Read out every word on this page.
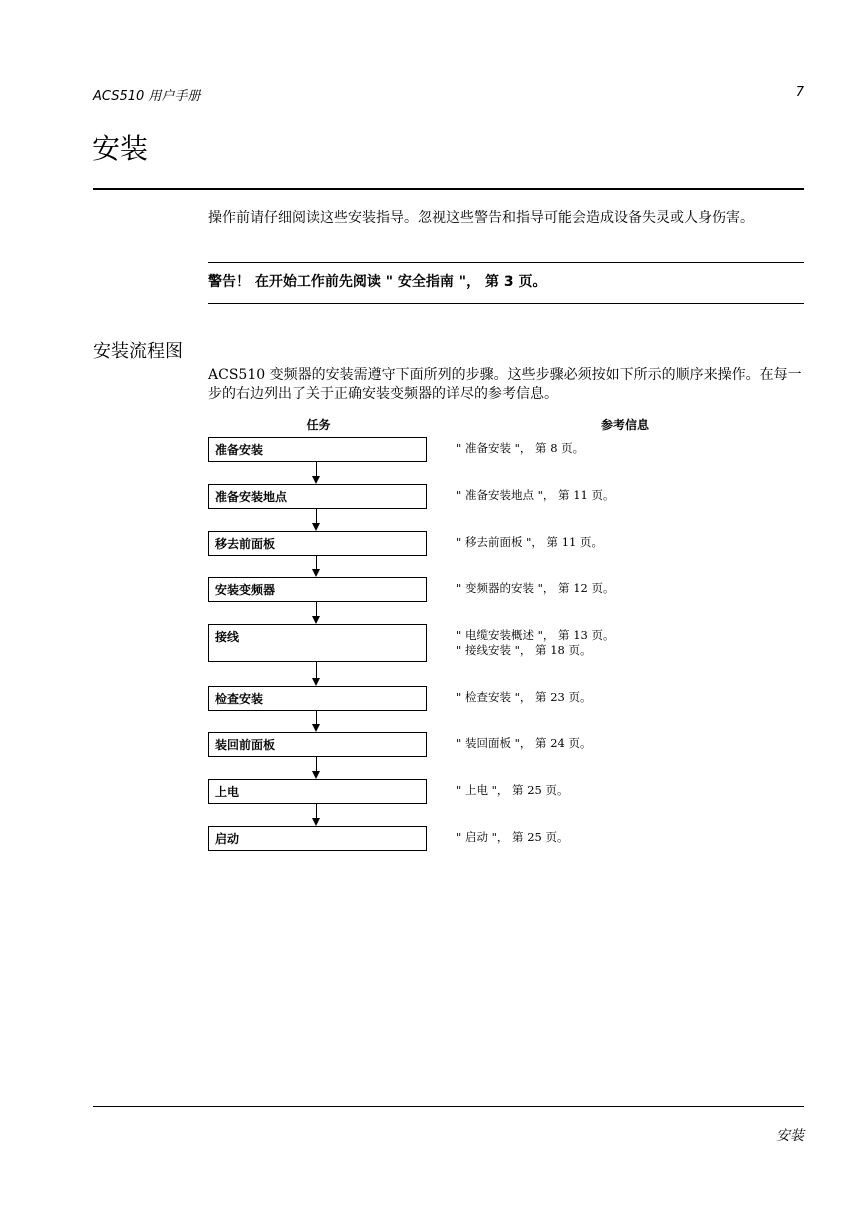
ACS510 用户手册	7
安装
操作前请仔细阅读这些安装指导。忽视这些警告和指导可能会造成设备失灵或人身伤害。
警告！ 在开始工作前先阅读 " 安全指南 "， 第 3 页。
安装流程图
ACS510 变频器的安装需遵守下面所列的步骤。这些步骤必须按如下所示的顺序来操作。在每一步的右边列出了关于正确安装变频器的详尽的参考信息。
任务	参考信息
准备安装	" 准备安装 "， 第 8 页。
准备安装地点	" 准备安装地点 "， 第 11 页。
移去前面板	" 移去前面板 "， 第 11 页。
安装变频器	" 变频器的安装 "， 第 12 页。
接线	" 电缆安装概述 "， 第 13 页。
" 接线安装 "， 第 18 页。
检查安装	" 检查安装 "， 第 23 页。
装回前面板	" 装回面板 "， 第 24 页。
上电	" 上电 "， 第 25 页。
启动	" 启动 "， 第 25 页。
安装
